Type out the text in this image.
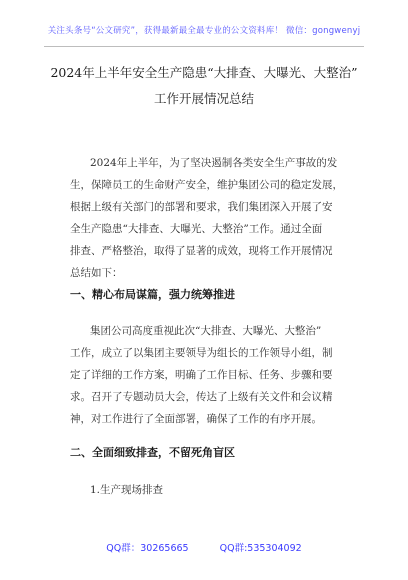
关注头条号“公文研究”，获得最新最全最专业的公文资料库！ 微信：gongwenyj
2024年上半年安全生产隐患“大排查、大曝光、大整治”
工作开展情况总结
2024年上半年，为了坚决遏制各类安全生产事故的发
生，保障员工的生命财产安全，维护集团公司的稳定发展，
根据上级有关部门的部署和要求，我们集团深入开展了安
全生产隐患“大排查、大曝光、大整治”工作。通过全面
排查、严格整治，取得了显著的成效，现将工作开展情况
总结如下：
一、精心布局谋篇，强力统筹推进
集团公司高度重视此次“大排查、大曝光、大整治”
工作，成立了以集团主要领导为组长的工作领导小组，制
定了详细的工作方案，明确了工作目标、任务、步骤和要
求。召开了专题动员大会，传达了上级有关文件和会议精
神，对工作进行了全面部署，确保了工作的有序开展。
二、全面细致排查，不留死角盲区
1.生产现场排查
QQ群：30265665	QQ群:535304092
